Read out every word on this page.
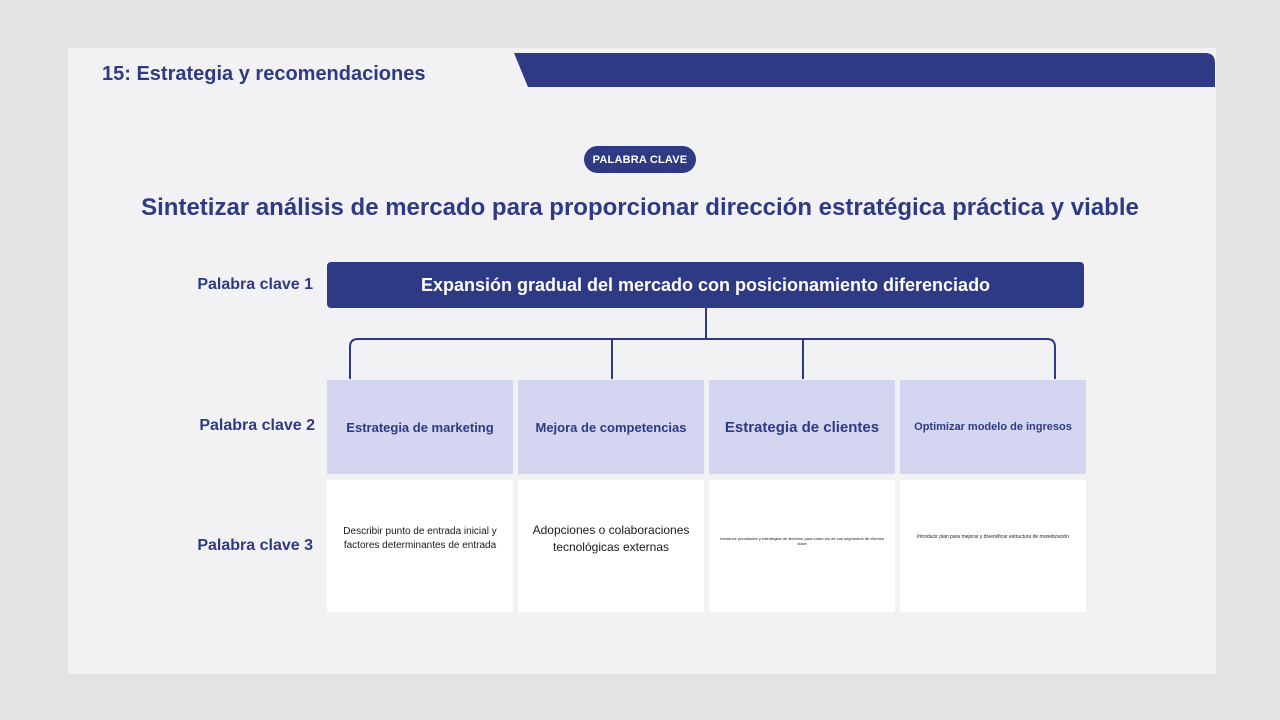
15: Estrategia y recomendaciones
PALABRA CLAVE
Sintetizar análisis de mercado para proporcionar dirección estratégica práctica y viable
Palabra clave 1
Palabra clave 2
Palabra clave 3
Expansión gradual del mercado con posicionamiento diferenciado
Estrategia de marketing	Mejora de competencias	Estrategia de clientes	Optimizar modelo de ingresos
Describir punto de entrada inicial y factores determinantes de entrada
Adopciones o colaboraciones tecnológicas externas
Introducir prioridades y estrategias de atención para cada uno de sus segmentos de clientes clave
Introducir plan para mejorar y diversificar estructura de monetización
